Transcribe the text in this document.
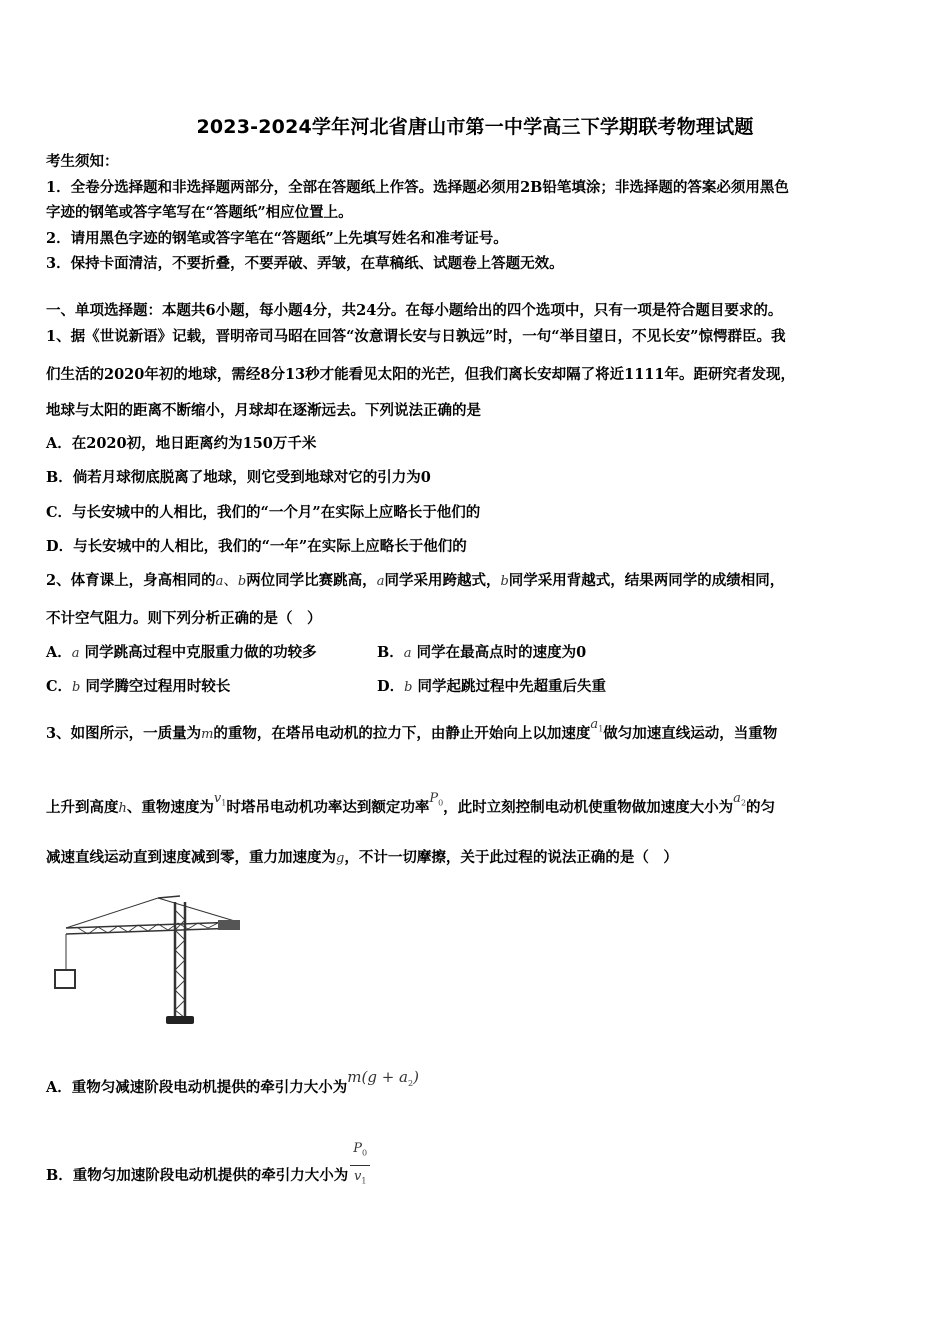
2023-2024学年河北省唐山市第一中学高三下学期联考物理试题
考生须知：
1．全卷分选择题和非选择题两部分，全部在答题纸上作答。选择题必须用2B铅笔填涂；非选择题的答案必须用黑色
字迹的钢笔或答字笔写在“答题纸”相应位置上。
2．请用黑色字迹的钢笔或答字笔在“答题纸”上先填写姓名和准考证号。
3．保持卡面清洁，不要折叠，不要弄破、弄皱，在草稿纸、试题卷上答题无效。
一、单项选择题：本题共6小题，每小题4分，共24分。在每小题给出的四个选项中，只有一项是符合题目要求的。
1、据《世说新语》记载，晋明帝司马昭在回答“汝意谓长安与日孰远”时，一句“举目望日，不见长安”惊愕群臣。我
们生活的2020年初的地球，需经8分13秒才能看见太阳的光芒，但我们离长安却隔了将近1111年。距研究者发现，
地球与太阳的距离不断缩小，月球却在逐渐远去。下列说法正确的是
A．在2020初，地日距离约为150万千米
B．倘若月球彻底脱离了地球，则它受到地球对它的引力为0
C．与长安城中的人相比，我们的“一个月”在实际上应略长于他们的
D．与长安城中的人相比，我们的“一年”在实际上应略长于他们的
2、体育课上，身高相同的a、b两位同学比赛跳高，a同学采用跨越式，b同学采用背越式，结果两同学的成绩相同，
不计空气阻力。则下列分析正确的是（　）
A．a 同学跳高过程中克服重力做的功较多	B．a 同学在最高点时的速度为0
C．b 同学腾空过程用时较长	D．b 同学起跳过程中先超重后失重
3、如图所示，一质量为m的重物，在塔吊电动机的拉力下，由静止开始向上以加速度$a_1$做匀加速直线运动，当重物
上升到高度h、重物速度为$v_1$时塔吊电动机功率达到额定功率$P_0$，此时立刻控制电动机使重物做加速度大小为$a_2$的匀
减速直线运动直到速度减到零，重力加速度为g，不计一切摩擦，关于此过程的说法正确的是（　）
A．重物匀减速阶段电动机提供的牵引力大小为$m(g + a_2)$
B．重物匀加速阶段电动机提供的牵引力大小为 $\frac{P_0}{v_1}$
